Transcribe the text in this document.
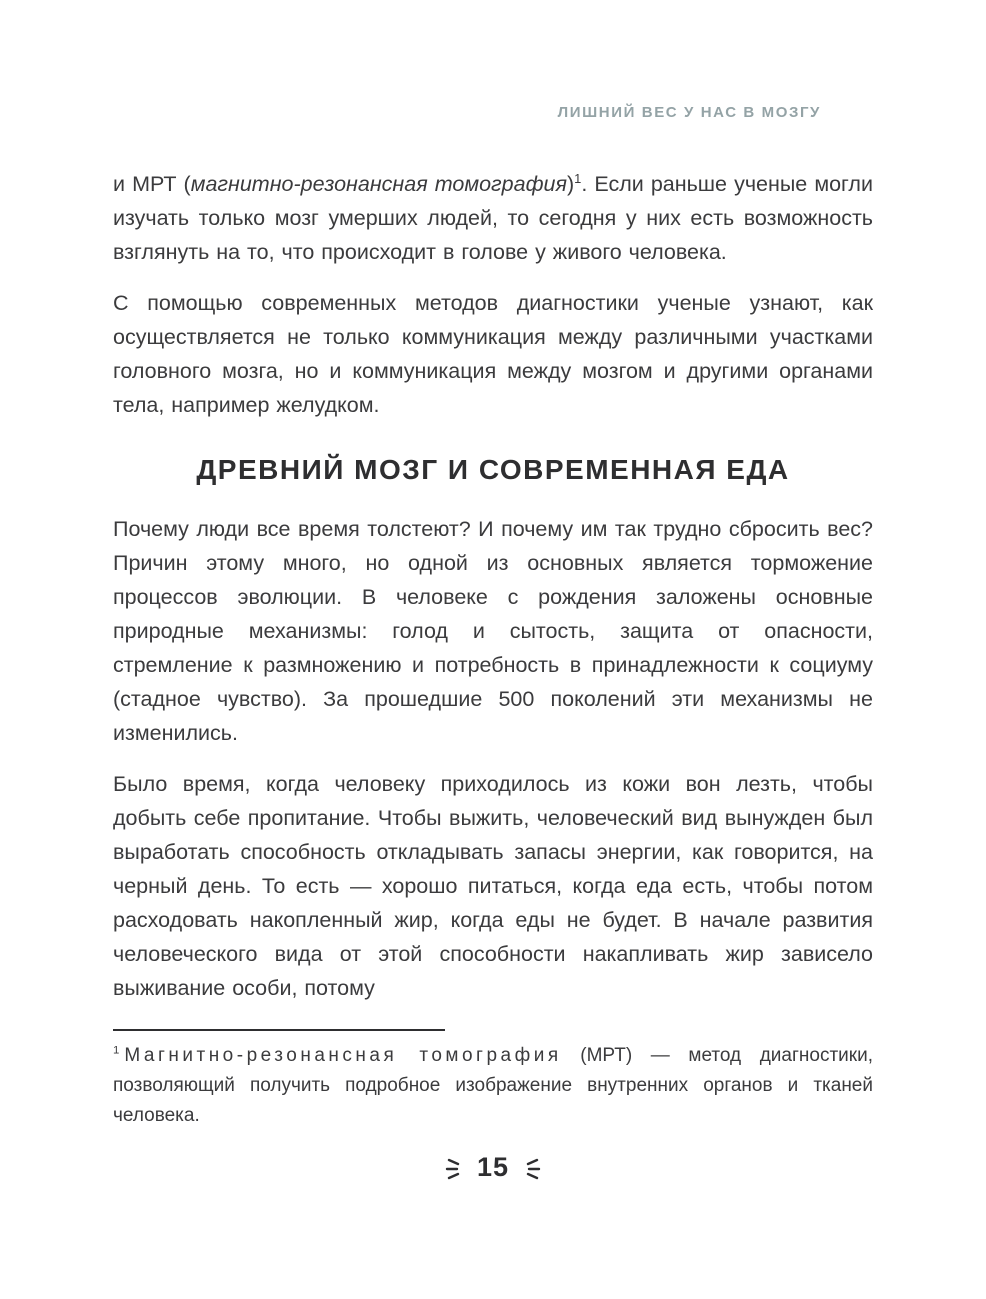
ЛИШНИЙ ВЕС У НАС В МОЗГУ

и МРТ (магнитно-резонансная томография)$^1$. Если раньше ученые могли изучать только мозг умерших людей, то сегодня у них есть возможность взглянуть на то, что происходит в голове у живого человека.

С помощью современных методов диагностики ученые узнают, как осуществляется не только коммуникация между различными участками головного мозга, но и коммуникация между мозгом и другими органами тела, например желудком.

ДРЕВНИЙ МОЗГ И СОВРЕМЕННАЯ ЕДА

Почему люди все время толстеют? И почему им так трудно сбросить вес? Причин этому много, но одной из основных является торможение процессов эволюции. В человеке с рождения заложены основные природные механизмы: голод и сытость, защита от опасности, стремление к размножению и потребность в принадлежности к социуму (стадное чувство). За прошедшие 500 поколений эти механизмы не изменились.

Было время, когда человеку приходилось из кожи вон лезть, чтобы добыть себе пропитание. Чтобы выжить, человеческий вид вынужден был выработать способность откладывать запасы энергии, как говорится, на черный день. То есть — хорошо питаться, когда еда есть, чтобы потом расходовать накопленный жир, когда еды не будет. В начале развития человеческого вида от этой способности накапливать жир зависело выживание особи, потому

$^1$ Магнитно-резонансная томография (МРТ) — метод диагностики, позволяющий получить подробное изображение внутренних органов и тканей человека.

15
